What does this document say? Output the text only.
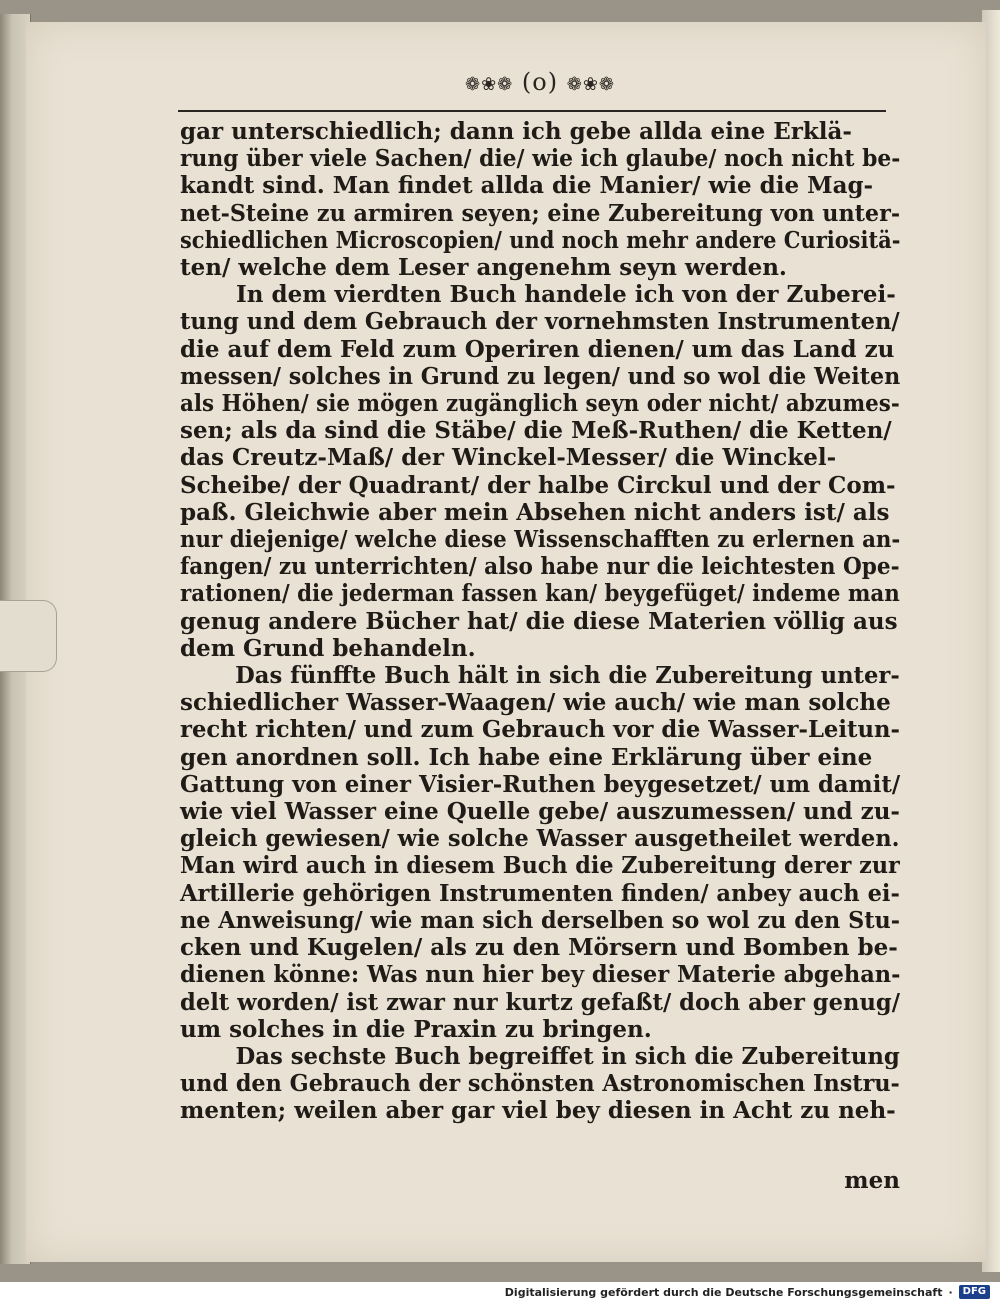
❁❀❁ (o) ❁❀❁
gar unterschiedlich; dann ich gebe allda eine Erklä-
rung über viele Sachen/ die/ wie ich glaube/ noch nicht be-
kandt sind. Man findet allda die Manier/ wie die Mag-
net-Steine zu armiren seyen; eine Zubereitung von unter-
schiedlichen Microscopien/ und noch mehr andere Curiositä-
ten/ welche dem Leser angenehm seyn werden.
In dem vierdten Buch handele ich von der Zuberei-
tung und dem Gebrauch der vornehmsten Instrumenten/
die auf dem Feld zum Operiren dienen/ um das Land zu
messen/ solches in Grund zu legen/ und so wol die Weiten
als Höhen/ sie mögen zugänglich seyn oder nicht/ abzumes-
sen; als da sind die Stäbe/ die Meß-Ruthen/ die Ketten/
das Creutz-Maß/ der Winckel-Messer/ die Winckel-
Scheibe/ der Quadrant/ der halbe Circkul und der Com-
paß. Gleichwie aber mein Absehen nicht anders ist/ als
nur diejenige/ welche diese Wissenschafften zu erlernen an-
fangen/ zu unterrichten/ also habe nur die leichtesten Ope-
rationen/ die jederman fassen kan/ beygefüget/ indeme man
genug andere Bücher hat/ die diese Materien völlig aus
dem Grund behandeln.
Das fünffte Buch hält in sich die Zubereitung unter-
schiedlicher Wasser-Waagen/ wie auch/ wie man solche
recht richten/ und zum Gebrauch vor die Wasser-Leitun-
gen anordnen soll. Ich habe eine Erklärung über eine
Gattung von einer Visier-Ruthen beygesetzet/ um damit/
wie viel Wasser eine Quelle gebe/ auszumessen/ und zu-
gleich gewiesen/ wie solche Wasser ausgetheilet werden.
Man wird auch in diesem Buch die Zubereitung derer zur
Artillerie gehörigen Instrumenten finden/ anbey auch ei-
ne Anweisung/ wie man sich derselben so wol zu den Stu-
cken und Kugelen/ als zu den Mörsern und Bomben be-
dienen könne: Was nun hier bey dieser Materie abgehan-
delt worden/ ist zwar nur kurtz gefaßt/ doch aber genug/
um solches in die Praxin zu bringen.
Das sechste Buch begreiffet in sich die Zubereitung
und den Gebrauch der schönsten Astronomischen Instru-
menten; weilen aber gar viel bey diesen in Acht zu neh-
men
Digitalisierung gefördert durch die Deutsche Forschungsgemeinschaft ·	DFG
